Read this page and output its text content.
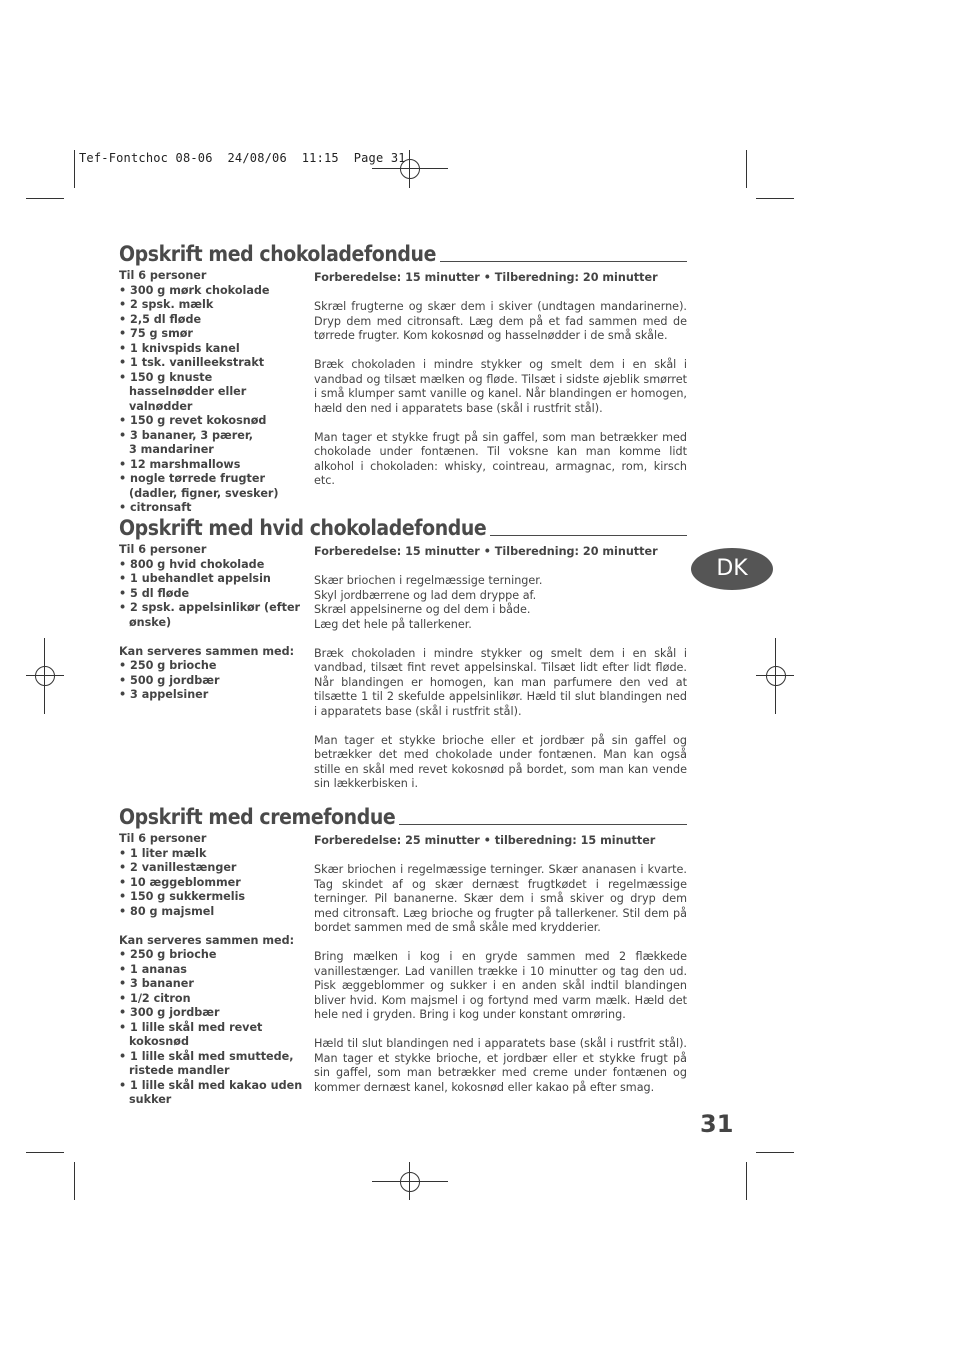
Tef-Fontchoc 08-06  24/08/06  11:15  Page 31
Opskrift med chokoladefondue
Til 6 personer
• 300 g mørk chokolade
• 2 spsk. mælk
• 2,5 dl fløde
• 75 g smør
• 1 knivspids kanel
• 1 tsk. vanilleekstrakt
• 150 g knuste hasselnødder eller valnødder
• 150 g revet kokosnød
• 3 bananer, 3 pærer, 3 mandariner
• 12 marshmallows
• nogle tørrede frugter (dadler, figner, svesker)
• citronsaft
Forberedelse: 15 minutter • Tilberedning: 20 minutter

Skræl frugterne og skær dem i skiver (undtagen mandarinerne). Dryp dem med citronsaft. Læg dem på et fad sammen med de tørrede frugter. Kom kokosnød og hasselnødder i de små skåle.

Bræk chokoladen i mindre stykker og smelt dem i en skål i vandbad og tilsæt mælken og fløde. Tilsæt i sidste øjeblik smørret i små klumper samt vanille og kanel. Når blandingen er homogen, hæld den ned i apparatets base (skål i rustfrit stål).

Man tager et stykke frugt på sin gaffel, som man betrækker med chokolade under fontænen. Til voksne kan man komme lidt alkohol i chokoladen: whisky, cointreau, armagnac, rom, kirsch etc.

Opskrift med hvid chokoladefondue
Til 6 personer
• 800 g hvid chokolade
• 1 ubehandlet appelsin
• 5 dl fløde
• 2 spsk. appelsinlikør (efter ønske)
Kan serveres sammen med:
• 250 g brioche
• 500 g jordbær
• 3 appelsiner
Forberedelse: 15 minutter • Tilberedning: 20 minutter

Skær briochen i regelmæssige terninger. Skyl jordbærrene og lad dem dryppe af. Skræl appelsinerne og del dem i både. Læg det hele på tallerkener.

Bræk chokoladen i mindre stykker og smelt dem i en skål i vandbad, tilsæt fint revet appelsinskal. Tilsæt lidt efter lidt fløde. Når blandingen er homogen, kan man parfumere den ved at tilsætte 1 til 2 skefulde appelsinlikør. Hæld til slut blandingen ned i apparatets base (skål i rustfrit stål).

Man tager et stykke brioche eller et jordbær på sin gaffel og betrækker det med chokolade under fontænen. Man kan også stille en skål med revet kokosnød på bordet, som man kan vende sin lækkerbisken i.

Opskrift med cremefondue
Til 6 personer
• 1 liter mælk
• 2 vanillestænger
• 10 æggeblommer
• 150 g sukkermelis
• 80 g majsmel
Kan serveres sammen med:
• 250 g brioche
• 1 ananas
• 3 bananer
• 1/2 citron
• 300 g jordbær
• 1 lille skål med revet kokosnød
• 1 lille skål med smuttede, ristede mandler
• 1 lille skål med kakao uden sukker
Forberedelse: 25 minutter • tilberedning: 15 minutter

Skær briochen i regelmæssige terninger. Skær ananasen i kvarte. Tag skindet af og skær dernæst frugtkødet i regelmæssige terninger. Pil bananerne. Skær dem i små skiver og dryp dem med citronsaft. Læg brioche og frugter på tallerkener. Stil dem på bordet sammen med de små skåle med krydderier.

Bring mælken i kog i en gryde sammen med 2 flækkede vanillestænger. Lad vanillen trække i 10 minutter og tag den ud. Pisk æggeblommer og sukker i en anden skål indtil blandingen bliver hvid. Kom majsmel i og fortynd med varm mælk. Hæld det hele ned i gryden. Bring i kog under konstant omrøring.

Hæld til slut blandingen ned i apparatets base (skål i rustfrit stål). Man tager et stykke brioche, et jordbær eller et stykke frugt på sin gaffel, som man betrækker med creme under fontænen og kommer dernæst kanel, kokosnød eller kakao på efter smag.

DK
31
